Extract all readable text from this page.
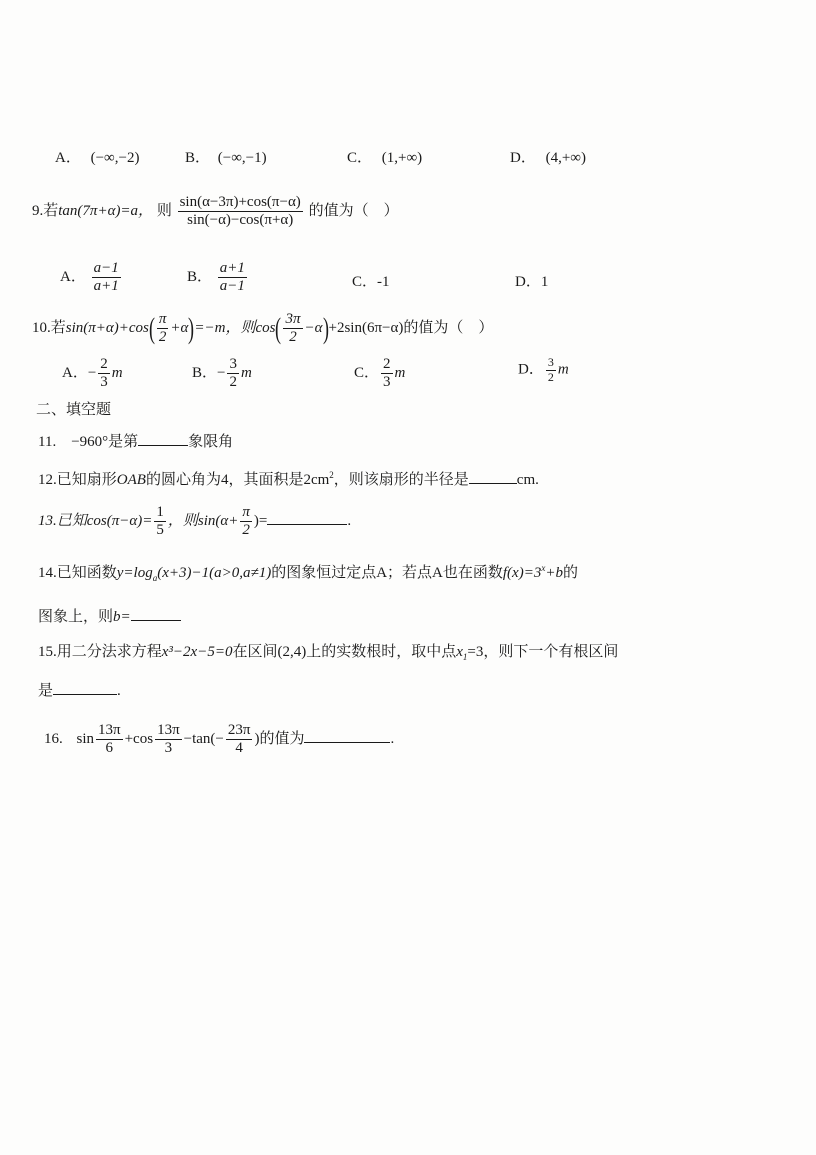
A． (−∞,−2)	B． (−∞,−1)	C． (1,+∞)	D． (4,+∞)
9.若tan(7π+α)=a， 则 $\frac{\sin(\alpha-3\pi)+\cos(\pi-\alpha)}{\sin(-\alpha)-\cos(\pi+\alpha)}$ 的值为（　）
A． $\frac{a-1}{a+1}$	B． $\frac{a+1}{a-1}$	C．-1	D．1
10.若$\sin(\pi+\alpha)+\cos( \frac{\pi}{2} +\alpha)=-m$，则$\cos( \frac{3\pi}{2} -\alpha)+2\sin(6\pi-\alpha)$的值为（　）
A．− $\frac{2}{3}$ m	B．− $\frac{3}{2}$ m	C． $\frac{2}{3}$ m	D． $\frac{3}{2}$ m
二、填空题
11.　−960°是第	象限角
12.已知扇形OAB的圆心角为4，其面积是$2cm^2$，则该扇形的半径是	cm.
13.已知$\cos(\pi-\alpha)= \frac{1}{5}$ ，则$\sin(\alpha+ \frac{\pi}{2}$ )=	.
14.已知函数$y=\log_a(x+3)-1(a>0,a\ne 1)$的图象恒过定点A；若点A也在函数$f(x)=3^x+b$的
图象上，则b=
15.用二分法求方程x³−2x−5=0在区间(2,4)上的实数根时，取中点$x_1=3$，则下一个有根区间
是	.
16. $\sin \frac{13\pi}{6} +\cos \frac{13\pi}{3} -\tan(- \frac{23\pi}{4}$ )的值为	.
